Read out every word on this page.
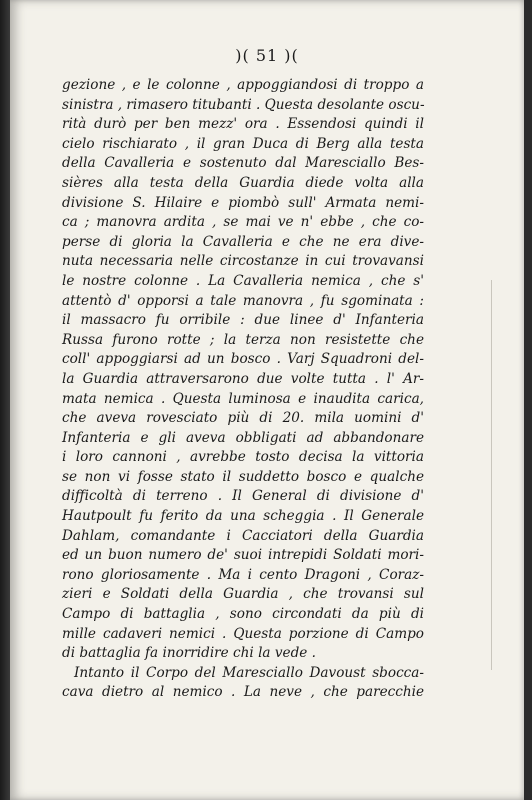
)( 51 )(
gezione , e le colonne , appoggiandosi di troppo a
sinistra , rimasero titubanti . Questa desolante oscu-
rità durò per ben mezz' ora . Essendosi quindi il
cielo rischiarato , il gran Duca di Berg alla testa
della Cavalleria e sostenuto dal Maresciallo Bes-
sières alla testa della Guardia diede volta alla
divisione S. Hilaire e piombò sull' Armata nemi-
ca ; manovra ardita , se mai ve n' ebbe , che co-
perse di gloria la Cavalleria e che ne era dive-
nuta necessaria nelle circostanze in cui trovavansi
le nostre colonne . La Cavalleria nemica , che s'
attentò d' opporsi a tale manovra , fu sgominata :
il massacro fu orribile : due linee d' Infanteria
Russa furono rotte ; la terza non resistette che
coll' appoggiarsi ad un bosco . Varj Squadroni del-
la Guardia attraversarono due volte tutta . l' Ar-
mata nemica . Questa luminosa e inaudita carica,
che aveva rovesciato più di 20. mila uomini d'
Infanteria e gli aveva obbligati ad abbandonare
i loro cannoni , avrebbe tosto decisa la vittoria
se non vi fosse stato il suddetto bosco e qualche
difficoltà di terreno . Il General di divisione d'
Hautpoult fu ferito da una scheggia . Il Generale
Dahlam, comandante i Cacciatori della Guardia
ed un buon numero de' suoi intrepidi Soldati mori-
rono gloriosamente . Ma i cento Dragoni , Coraz-
zieri e Soldati della Guardia , che trovansi sul
Campo di battaglia , sono circondati da più di
mille cadaveri nemici . Questa porzione di Campo
di battaglia fa inorridire chi la vede .
Intanto il Corpo del Maresciallo Davoust sbocca-
cava dietro al nemico . La neve , che parecchie
